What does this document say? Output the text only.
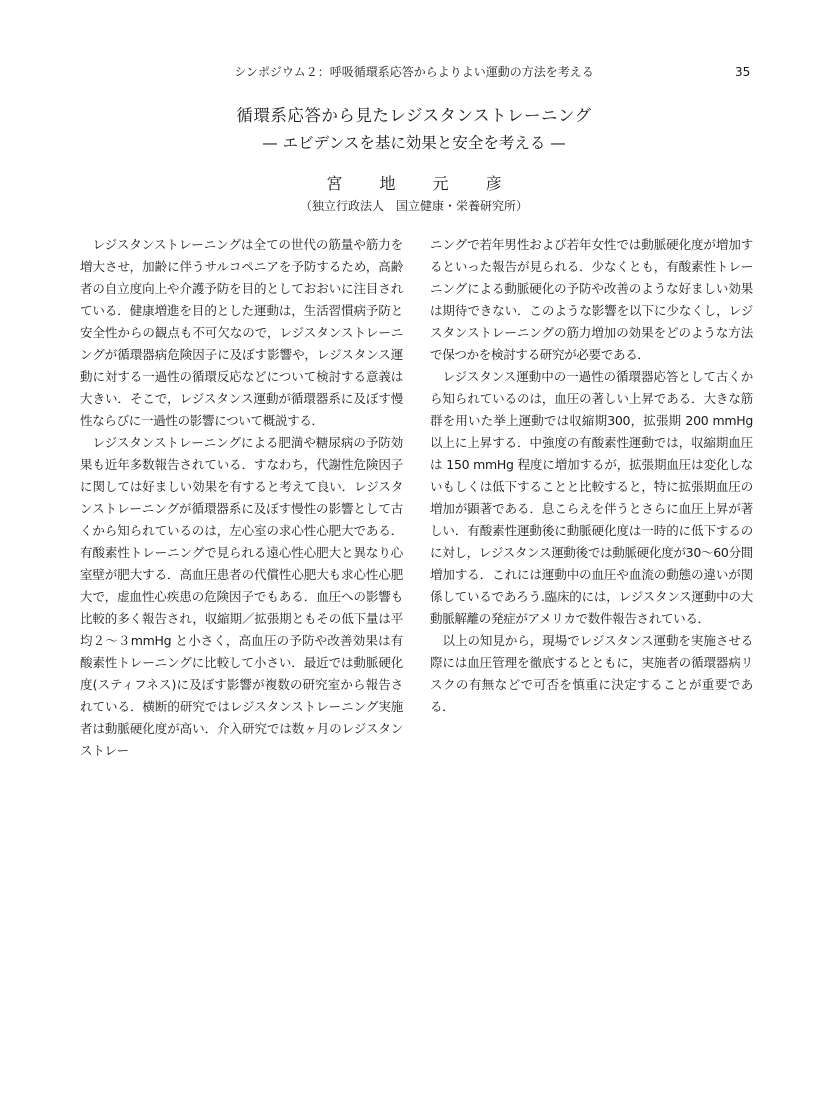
シンポジウム２：呼吸循環系応答からよりよい運動の方法を考える	35
循環系応答から見たレジスタンストレーニング
— エビデンスを基に効果と安全を考える —
宮 地 元 彦
（独立行政法人　国立健康・栄養研究所）

レジスタンストレーニングは全ての世代の筋量や筋力を増大させ，加齢に伴うサルコペニアを予防するため，高齢者の自立度向上や介護予防を目的としておおいに注目されている．健康増進を目的とした運動は，生活習慣病予防と安全性からの観点も不可欠なので，レジスタンストレーニングが循環器病危険因子に及ぼす影響や，レジスタンス運動に対する一過性の循環反応などについて検討する意義は大きい．そこで，レジスタンス運動が循環器系に及ぼす慢性ならびに一過性の影響について概説する．

レジスタンストレーニングによる肥満や糖尿病の予防効果も近年多数報告されている．すなわち，代謝性危険因子に関しては好ましい効果を有すると考えて良い．レジスタンストレーニングが循環器系に及ぼす慢性の影響として古くから知られているのは，左心室の求心性心肥大である．有酸素性トレーニングで見られる遠心性心肥大と異なり心室壁が肥大する．高血圧患者の代償性心肥大も求心性心肥大で，虚血性心疾患の危険因子でもある．血圧への影響も比較的多く報告され，収縮期／拡張期ともその低下量は平均２～３mmHg と小さく，高血圧の予防や改善効果は有酸素性トレーニングに比較して小さい．最近では動脈硬化度(スティフネス)に及ぼす影響が複数の研究室から報告されている．横断的研究ではレジスタンストレーニング実施者は動脈硬化度が高い．介入研究では数ヶ月のレジスタンストレー

ニングで若年男性および若年女性では動脈硬化度が増加するといった報告が見られる．少なくとも，有酸素性トレーニングによる動脈硬化の予防や改善のような好ましい効果は期待できない．このような影響を以下に少なくし，レジスタンストレーニングの筋力増加の効果をどのような方法で保つかを検討する研究が必要である．

レジスタンス運動中の一過性の循環器応答として古くから知られているのは，血圧の著しい上昇である．大きな筋群を用いた挙上運動では収縮期300，拡張期 200 mmHg 以上に上昇する．中強度の有酸素性運動では，収縮期血圧は 150 mmHg 程度に増加するが，拡張期血圧は変化しないもしくは低下することと比較すると，特に拡張期血圧の増加が顕著である．息こらえを伴うとさらに血圧上昇が著しい．有酸素性運動後に動脈硬化度は一時的に低下するのに対し，レジスタンス運動後では動脈硬化度が30～60分間増加する．これには運動中の血圧や血流の動態の違いが関係しているであろう.臨床的には，レジスタンス運動中の大動脈解離の発症がアメリカで数件報告されている．

以上の知見から，現場でレジスタンス運動を実施させる際には血圧管理を徹底するとともに，実施者の循環器病リスクの有無などで可否を慎重に決定することが重要である．
